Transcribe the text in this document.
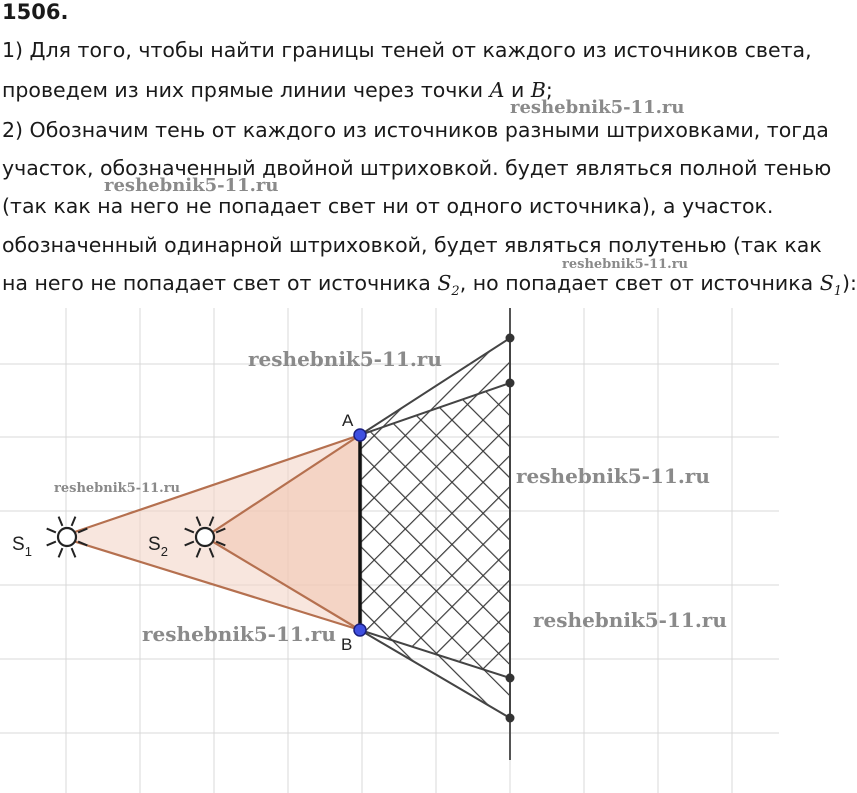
1506.
1) Для того, чтобы найти границы теней от каждого из источников света,
проведем из них прямые линии через точки A и B;
2) Обозначим тень от каждого из источников разными штриховками, тогда
участок, обозначенный двойной штриховкой. будет являться полной тенью
(так как на него не попадает свет ни от одного источника), а участок.
обозначенный одинарной штриховкой, будет являться полутенью (так как
на него не попадает свет от источника $S_2$, но попадает свет от источника $S_1$):
A
B
$S_1$	$S_2$
reshebnik5-11.ru
reshebnik5-11.ru
reshebnik5-11.ru
reshebnik5-11.ru
reshebnik5-11.ru
reshebnik5-11.ru
reshebnik5-11.ru
reshebnik5-11.ru
